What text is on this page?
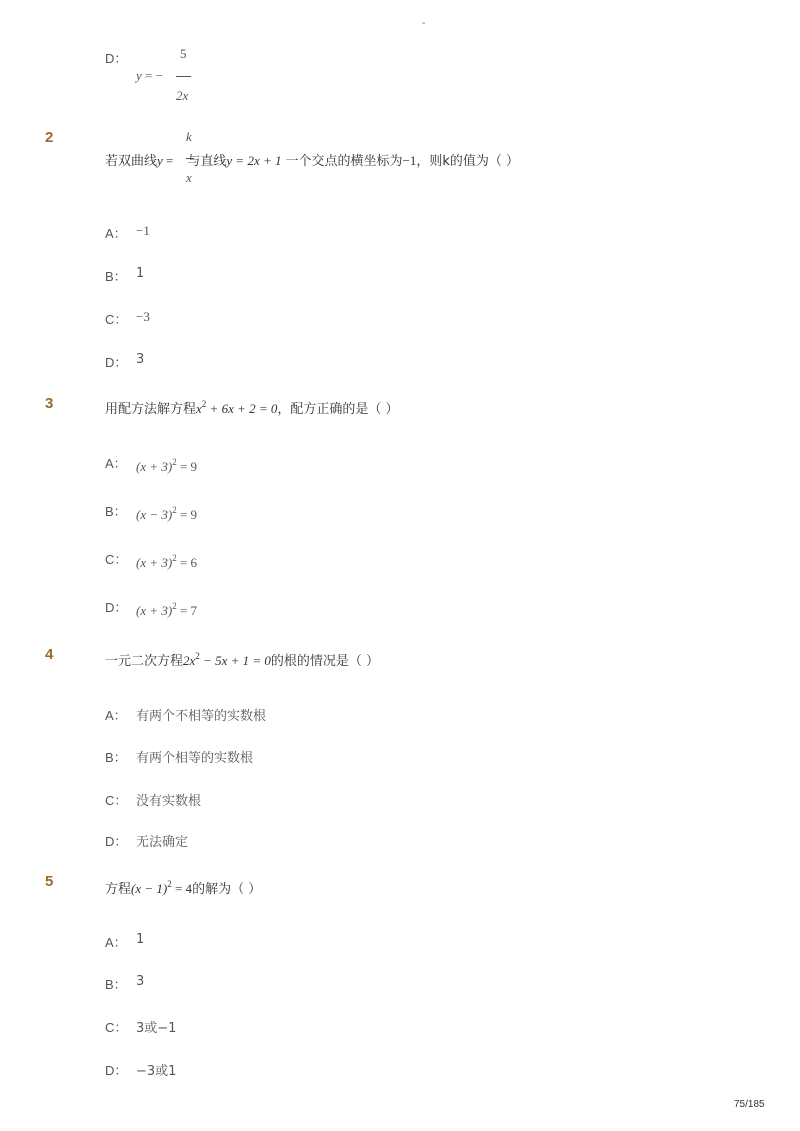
-
D：
y = −
5
2x
2	k
x
若双曲线y = 与直线y = 2x + 1 一个交点的横坐标为−1，则k的值为（ ）
A： −1
B： 1
C： −3
D： 3
3	用配方法解方程$x^2 + 6x + 2 = 0$，配方正确的是（ ）
A： $(x + 3)^2 = 9$
B： $(x - 3)^2 = 9$
C： $(x + 3)^2 = 6$
D： $(x + 3)^2 = 7$
4	一元二次方程$2x^2 - 5x + 1 = 0$的根的情况是（ ）
A： 有两个不相等的实数根
B： 有两个相等的实数根
C： 没有实数根
D： 无法确定
5	方程$(x - 1)^2 = 4$的解为（ ）
A： 1
B： 3
C： 3或−1
D： −3或1
75/185
